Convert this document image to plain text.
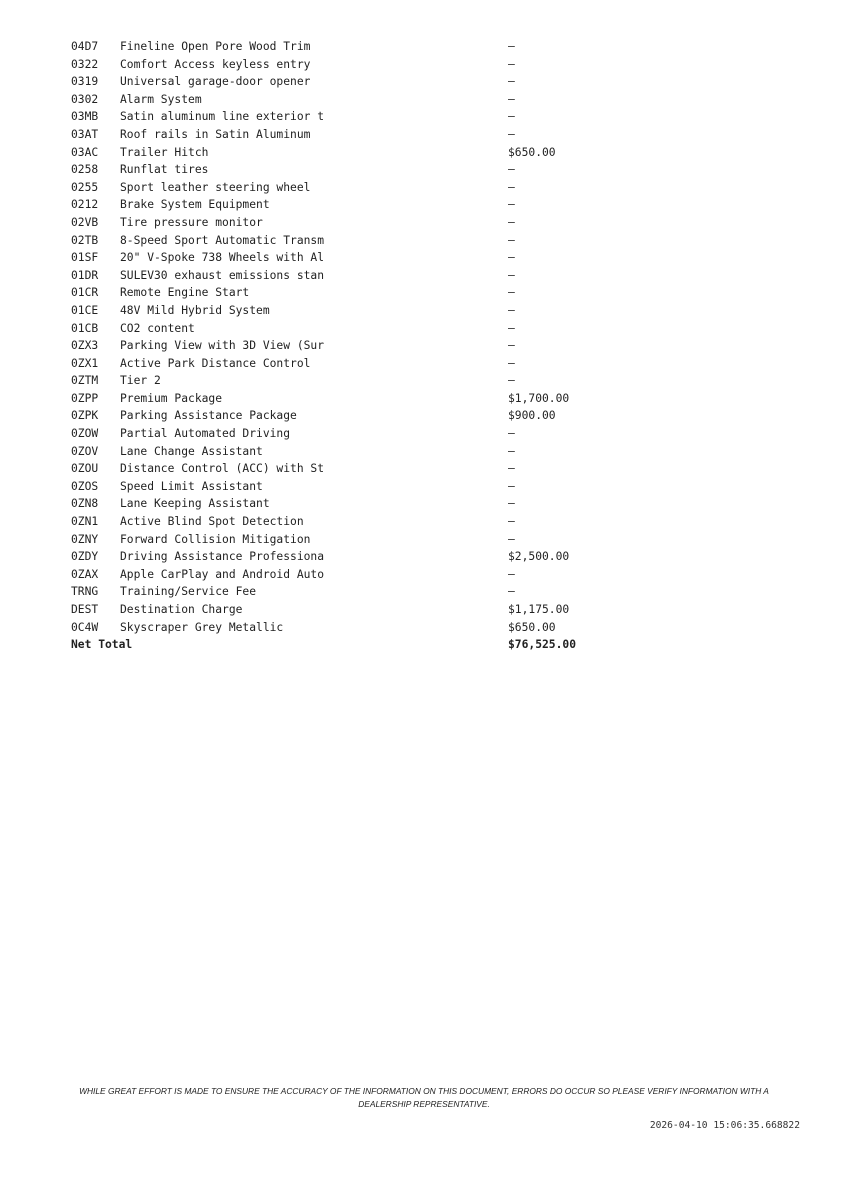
04D7 Fineline Open Pore Wood Trim	—
0322 Comfort Access keyless entry	—
0319 Universal garage-door opener	—
0302 Alarm System	—
03MB Satin aluminum line exterior t	—
03AT Roof rails in Satin Aluminum	—
03AC Trailer Hitch	$650.00
0258 Runflat tires	—
0255 Sport leather steering wheel	—
0212 Brake System Equipment	—
02VB Tire pressure monitor	—
02TB 8-Speed Sport Automatic Transm	—
01SF 20" V-Spoke 738 Wheels with Al	—
01DR SULEV30 exhaust emissions stan	—
01CR Remote Engine Start	—
01CE 48V Mild Hybrid System	—
01CB CO2 content	—
0ZX3 Parking View with 3D View (Sur	—
0ZX1 Active Park Distance Control	—
0ZTM Tier 2	—
0ZPP Premium Package	$1,700.00
0ZPK Parking Assistance Package	$900.00
0ZOW Partial Automated Driving	—
0ZOV Lane Change Assistant	—
0ZOU Distance Control (ACC) with St	—
0ZOS Speed Limit Assistant	—
0ZN8 Lane Keeping Assistant	—
0ZN1 Active Blind Spot Detection	—
0ZNY Forward Collision Mitigation	—
0ZDY Driving Assistance Professiona	$2,500.00
0ZAX Apple CarPlay and Android Auto	—
TRNG Training/Service Fee	—
DEST Destination Charge	$1,175.00
0C4W Skyscraper Grey Metallic	$650.00
Net Total	$76,525.00
WHILE GREAT EFFORT IS MADE TO ENSURE THE ACCURACY OF THE INFORMATION ON THIS DOCUMENT, ERRORS DO OCCUR SO PLEASE VERIFY INFORMATION WITH A DEALERSHIP REPRESENTATIVE.
2026-04-10 15:06:35.668822
